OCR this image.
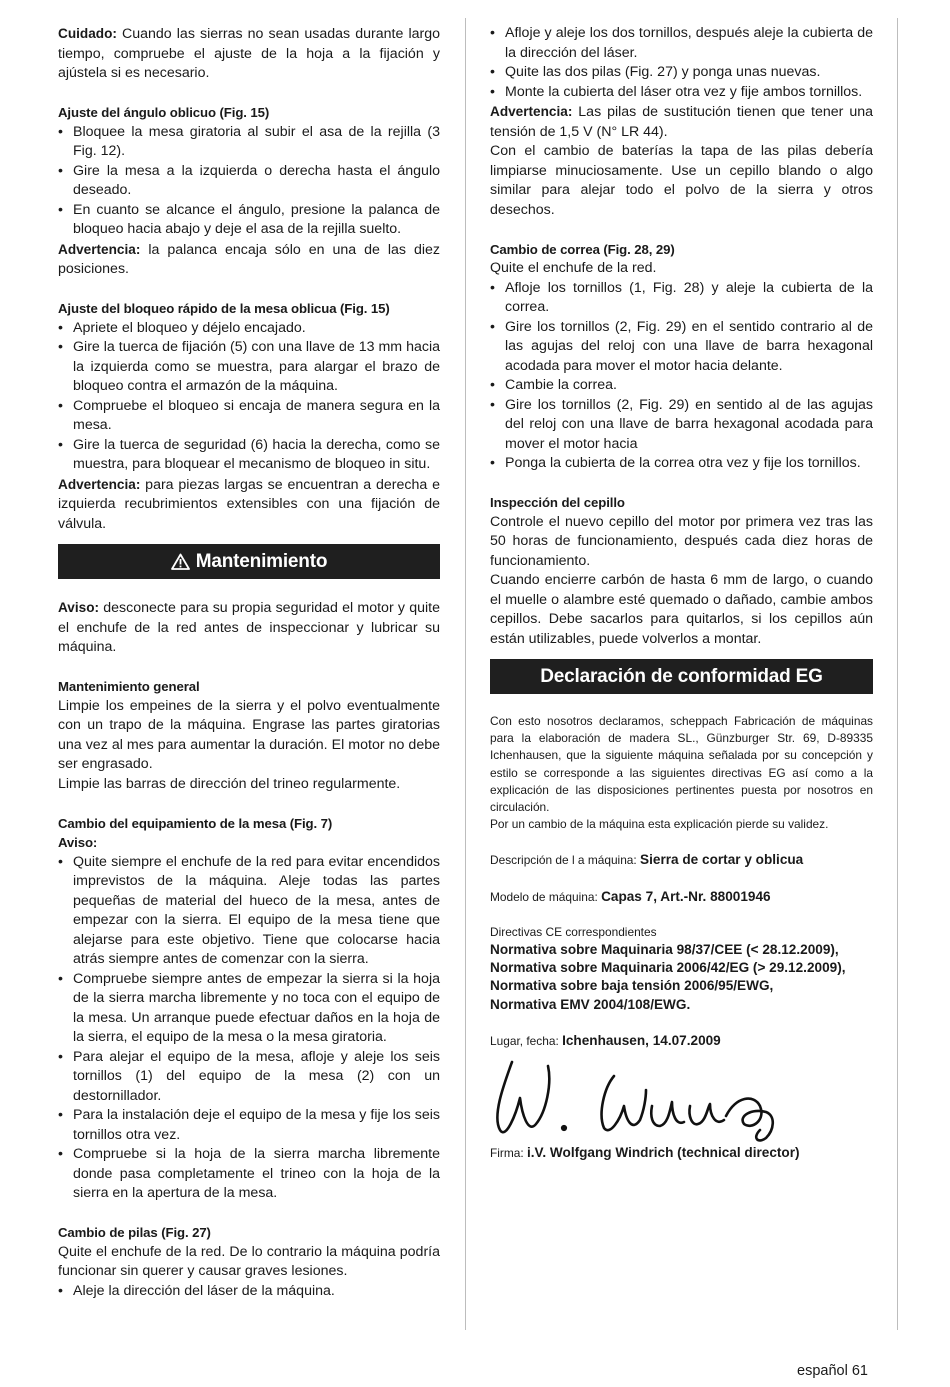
Cuidado: Cuando las sierras no sean usadas durante largo tiempo, compruebe el ajuste de la hoja a la fijación y ajústela si es necesario.

Ajuste del ángulo oblicuo (Fig. 15)
• Bloquee la mesa giratoria al subir el asa de la rejilla (3 Fig. 12).
• Gire la mesa a la izquierda o derecha hasta el ángulo deseado.
• En cuanto se alcance el ángulo, presione la palanca de bloqueo hacia abajo y deje el asa de la rejilla suelto.

Advertencia: la palanca encaja sólo en una de las diez posiciones.

Ajuste del bloqueo rápido de la mesa oblicua (Fig. 15)
• Apriete el bloqueo y déjelo encajado.
• Gire la tuerca de fijación (5) con una llave de 13 mm hacia la izquierda como se muestra, para alargar el brazo de bloqueo contra el armazón de la máquina.
• Compruebe el bloqueo si encaja de manera segura en la mesa.
• Gire la tuerca de seguridad (6) hacia la derecha, como se muestra, para bloquear el mecanismo de bloqueo in situ.

Advertencia: para piezas largas se encuentran a derecha e izquierda recubrimientos extensibles con una fijación de válvula.

Mantenimiento

Aviso: desconecte para su propia seguridad el motor y quite el enchufe de la red antes de inspeccionar y lubricar su máquina.

Mantenimiento general

Limpie los empeines de la sierra y el polvo eventualmente con un trapo de la máquina. Engrase las partes giratorias una vez al mes para aumentar la duración. El motor no debe ser engrasado.

Limpie las barras de dirección del trineo regularmente.

Cambio del equipamiento de la mesa (Fig. 7)
Aviso:
• Quite siempre el enchufe de la red para evitar encendidos imprevistos de la máquina. Aleje todas las partes pequeñas de material del hueco de la mesa, antes de empezar con la sierra. El equipo de la mesa tiene que alejarse para este objetivo. Tiene que colocarse hacia atrás siempre antes de comenzar con la sierra.
• Compruebe siempre antes de empezar la sierra si la hoja de la sierra marcha libremente y no toca con el equipo de la mesa. Un arranque puede efectuar daños en la hoja de la sierra, el equipo de la mesa o la mesa giratoria.
• Para alejar el equipo de la mesa, afloje y aleje los seis tornillos (1) del equipo de la mesa (2) con un destornillador.
• Para la instalación deje el equipo de la mesa y fije los seis tornillos otra vez.
• Compruebe si la hoja de la sierra marcha libremente donde pasa completamente el trineo con la hoja de la sierra en la apertura de la mesa.
Cambio de pilas (Fig. 27)

Quite el enchufe de la red. De lo contrario la máquina podría funcionar sin querer y causar graves lesiones.

• Aleje la dirección del láser de la máquina.
• Afloje y aleje los dos tornillos, después aleje la cubierta de la dirección del láser.
• Quite las dos pilas (Fig. 27) y ponga unas nuevas.
• Monte la cubierta del láser otra vez y fije ambos tornillos.

Advertencia: Las pilas de sustitución tienen que tener una tensión de 1,5 V (N° LR 44).

Con el cambio de baterías la tapa de las pilas debería limpiarse minuciosamente. Use un cepillo blando o algo similar para alejar todo el polvo de la sierra y otros desechos.

Cambio de correa (Fig. 28, 29)

Quite el enchufe de la red.

• Afloje los tornillos (1, Fig. 28) y aleje la cubierta de la correa.
• Gire los tornillos (2, Fig. 29) en el sentido contrario al de las agujas del reloj con una llave de barra hexagonal acodada para mover el motor hacia delante.
• Cambie la correa.
• Gire los tornillos (2, Fig. 29) en sentido al de las agujas del reloj con una llave de barra hexagonal acodada para mover el motor hacia
• Ponga la cubierta de la correa otra vez y fije los tornillos.
Inspección del cepillo

Controle el nuevo cepillo del motor por primera vez tras las 50 horas de funcionamiento, después cada diez horas de funcionamiento.

Cuando encierre carbón de hasta 6 mm de largo, o cuando el muelle o alambre esté quemado o dañado, cambie ambos cepillos. Debe sacarlos para quitarlos, si los cepillos aún están utilizables, puede volverlos a montar.

Declaración de conformidad EG

Con esto nosotros declaramos, scheppach Fabricación de máquinas para la elaboración de madera SL., Günzburger Str. 69, D-89335 Ichenhausen, que la siguiente máquina señalada por su concepción y estilo se corresponde a las siguientes directivas EG así como a la explicación de las disposiciones pertinentes puesta por nosotros en circulación.

Por un cambio de la máquina esta explicación pierde su validez.

Descripción de l a máquina: Sierra de cortar y oblicua

Modelo de máquina: Capas 7, Art.-Nr. 88001946

Directivas CE correspondientes

Normativa sobre Maquinaria 98/37/CEE (< 28.12.2009),

Normativa sobre Maquinaria 2006/42/EG (> 29.12.2009),

Normativa sobre baja tensión 2006/95/EWG,

Normativa EMV 2004/108/EWG.

Lugar, fecha: Ichenhausen, 14.07.2009

Firma: i.V. Wolfgang Windrich (technical director)

español 61
